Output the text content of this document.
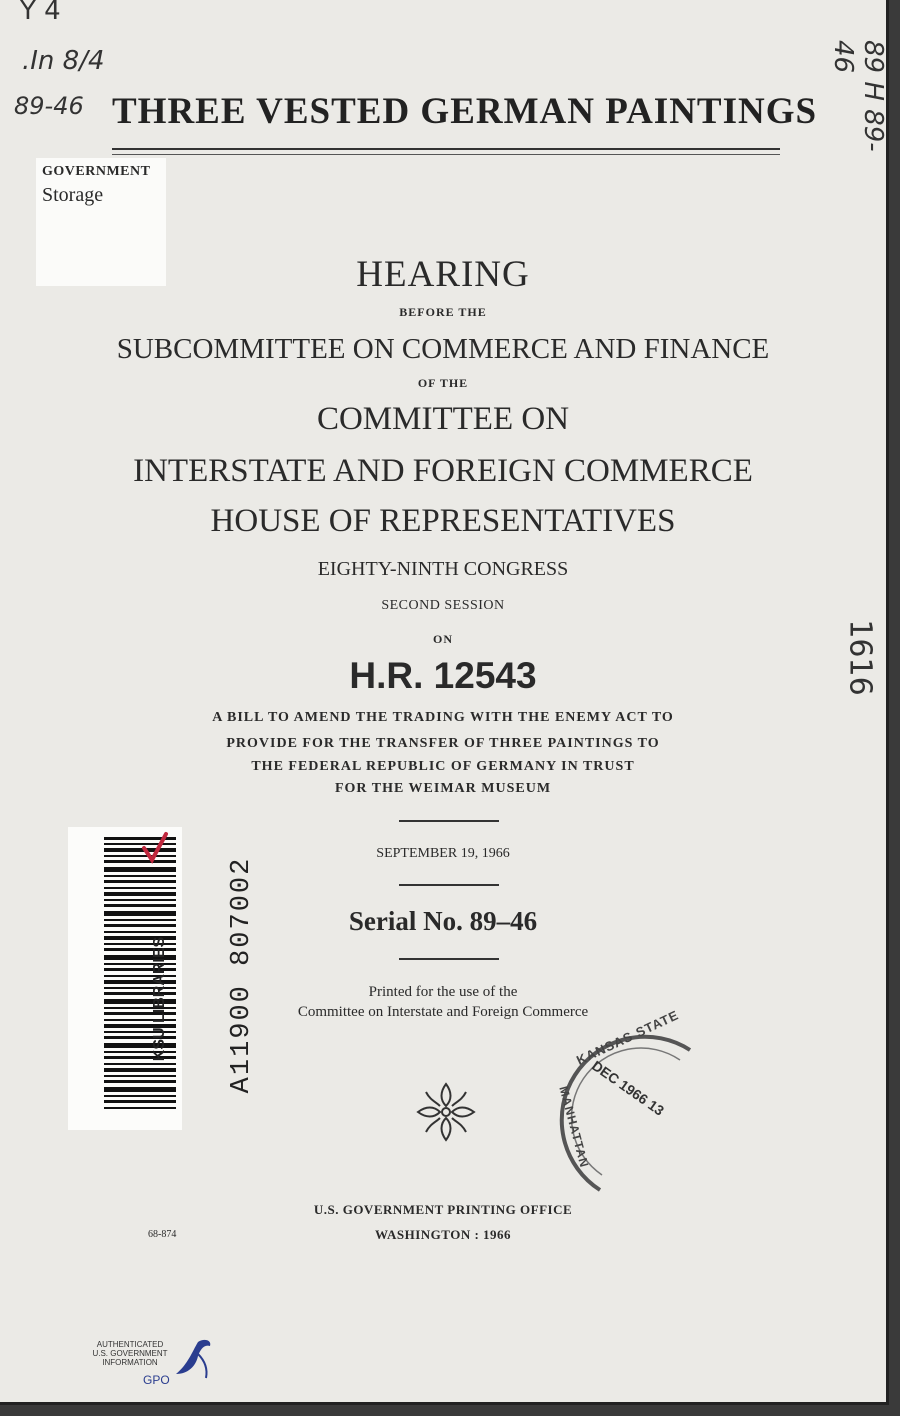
Y 4
.In 8/4
89-46	89 H 89-46
1616
THREE VESTED GERMAN PAINTINGS
GOVERNMENT
Storage
HEARING
BEFORE THE
SUBCOMMITTEE ON COMMERCE AND FINANCE
OF THE
COMMITTEE ON
INTERSTATE AND FOREIGN COMMERCE
HOUSE OF REPRESENTATIVES
EIGHTY-NINTH CONGRESS
SECOND SESSION
ON
H.R. 12543
A BILL TO AMEND THE TRADING WITH THE ENEMY ACT TO
PROVIDE FOR THE TRANSFER OF THREE PAINTINGS TO
THE FEDERAL REPUBLIC OF GERMANY IN TRUST
FOR THE WEIMAR MUSEUM
SEPTEMBER 19, 1966
Serial No. 89–46
Printed for the use of the
Committee on Interstate and Foreign Commerce
KSU LIBRARIES A11900 807002	KANSAS STATE
DEC 1966 13
MANHATTAN
U.S. GOVERNMENT PRINTING OFFICE
WASHINGTON : 1966
68-874
AUTHENTICATED
U.S. GOVERNMENT
INFORMATION
GPO
